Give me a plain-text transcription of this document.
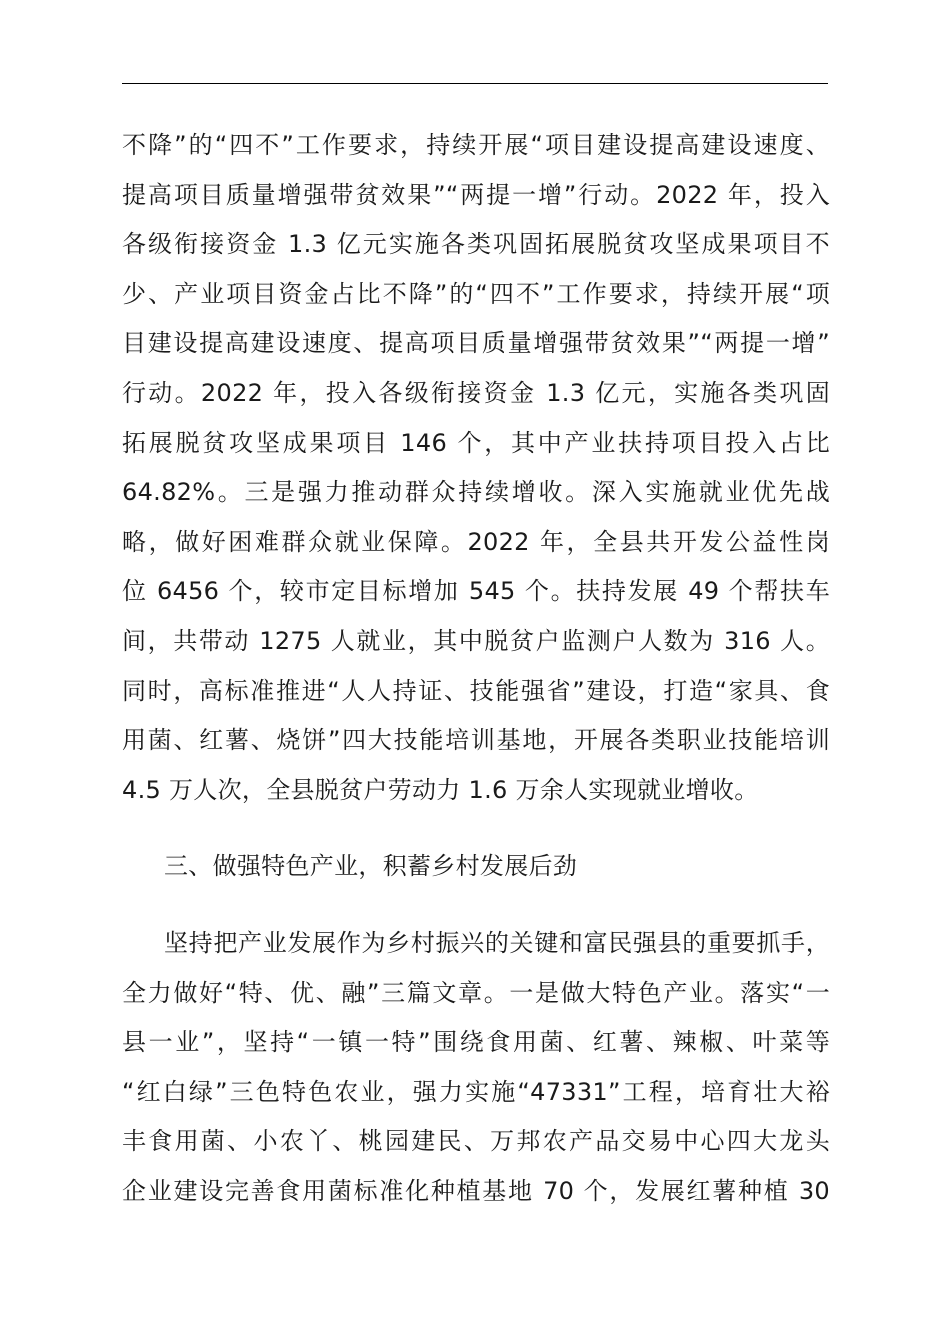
不降”的“四不”工作要求，持续开展“项目建设提高建设速度、
提高项目质量增强带贫效果”“两提一增”行动。2022 年，投入
各级衔接资金 1.3 亿元实施各类巩固拓展脱贫攻坚成果项目不
少、产业项目资金占比不降”的“四不”工作要求，持续开展“项
目建设提高建设速度、提高项目质量增强带贫效果”“两提一增”
行动。2022 年，投入各级衔接资金 1.3 亿元，实施各类巩固
拓展脱贫攻坚成果项目 146 个，其中产业扶持项目投入占比
64.82%。三是强力推动群众持续增收。深入实施就业优先战
略，做好困难群众就业保障。2022 年，全县共开发公益性岗
位 6456 个，较市定目标增加 545 个。扶持发展 49 个帮扶车
间，共带动 1275 人就业，其中脱贫户监测户人数为 316 人。
同时，高标准推进“人人持证、技能强省”建设，打造“家具、食
用菌、红薯、烧饼”四大技能培训基地，开展各类职业技能培训
4.5 万人次，全县脱贫户劳动力 1.6 万余人实现就业增收。
三、做强特色产业，积蓄乡村发展后劲
坚持把产业发展作为乡村振兴的关键和富民强县的重要抓手，
全力做好“特、优、融”三篇文章。一是做大特色产业。落实“一
县一业”，坚持“一镇一特”围绕食用菌、红薯、辣椒、叶菜等
“红白绿”三色特色农业，强力实施“47331”工程，培育壮大裕
丰食用菌、小农丫、桃园建民、万邦农产品交易中心四大龙头
企业建设完善食用菌标准化种植基地 70 个，发展红薯种植 30
